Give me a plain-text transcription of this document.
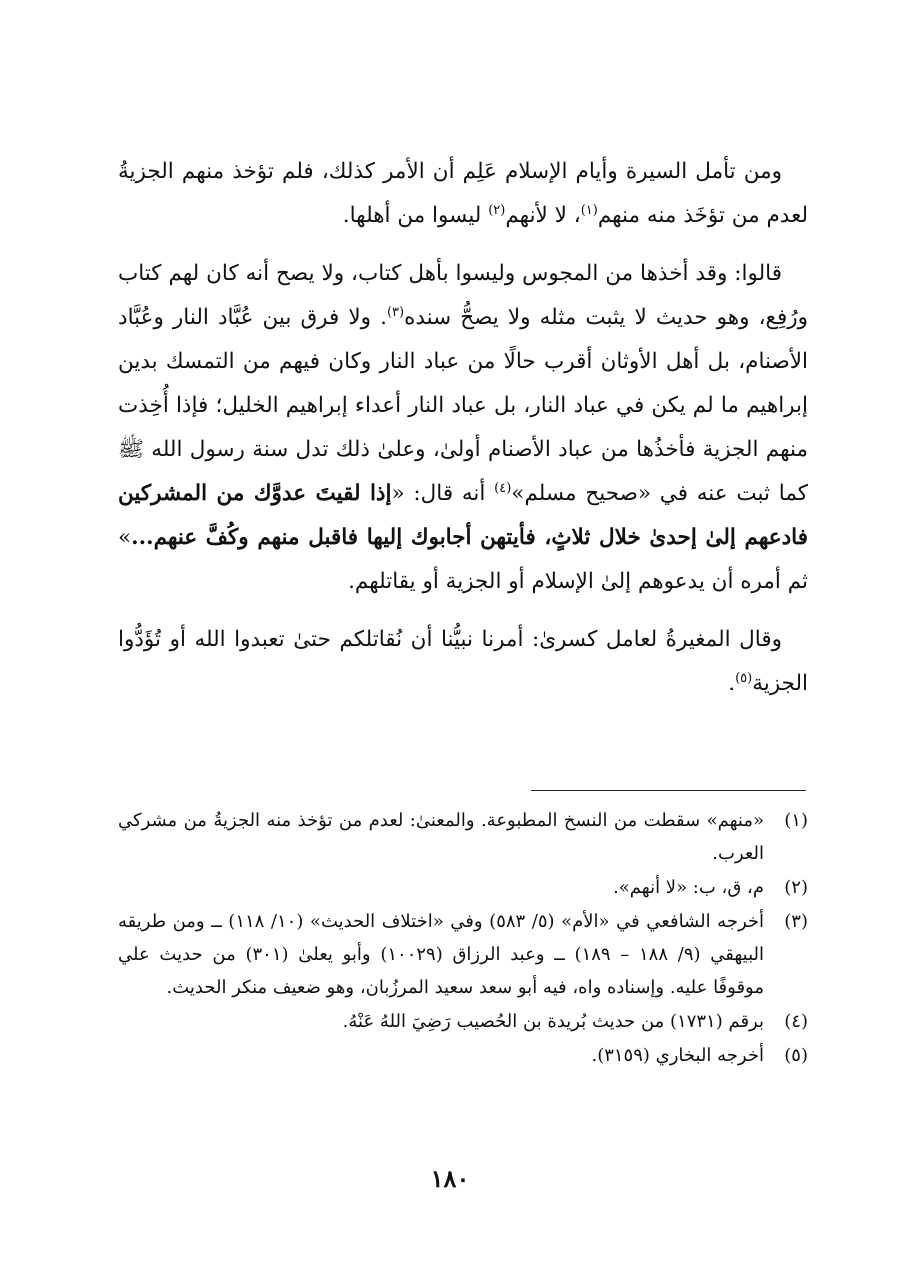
ومن تأمل السيرة وأيام الإسلام عَلِم أن الأمر كذلك، فلم تؤخذ منهم الجزيةُ لعدم من تؤخَذ منه منهم$^{(١)}$، لا لأنهم$^{(٢)}$ ليسوا من أهلها.

قالوا: وقد أخذها من المجوس وليسوا بأهل كتاب، ولا يصح أنه كان لهم كتاب ورُفِع، وهو حديث لا يثبت مثله ولا يصحُّ سنده$^{(٣)}$. ولا فرق بين عُبَّاد النار وعُبَّاد الأصنام، بل أهل الأوثان أقرب حالًا من عباد النار وكان فيهم من التمسك بدين إبراهيم ما لم يكن في عباد النار، بل عباد النار أعداء إبراهيم الخليل؛ فإذا أُخِذت منهم الجزية فأخذُها من عباد الأصنام أولىٰ، وعلىٰ ذلك تدل سنة رسول الله ﷺ كما ثبت عنه في «صحيح مسلم»$^{(٤)}$ أنه قال: «إذا لقيتَ عدوَّك من المشركين فادعهم إلىٰ إحدىٰ خلال ثلاثٍ، فأيتهن أجابوك إليها فاقبل منهم وكُفَّ عنهم...» ثم أمره أن يدعوهم إلىٰ الإسلام أو الجزية أو يقاتلهم.

وقال المغيرةُ لعامل كسرىٰ: أمرنا نبيُّنا أن نُقاتلكم حتىٰ تعبدوا الله أو تُؤَدُّوا الجزية$^{(٥)}$.

(١)
«منهم» سقطت من النسخ المطبوعة. والمعنىٰ: لعدم من تؤخذ منه الجزيةُ من مشركي العرب.
(٢)
م، ق، ب: «لا أنهم».
(٣)
أخرجه الشافعي في «الأم» (٥/ ٥٨٣) وفي «اختلاف الحديث» (١٠/ ١١٨) ــ ومن طريقه البيهقي (٩/ ١٨٨ – ١٨٩) ــ وعبد الرزاق (١٠٠٢٩) وأبو يعلىٰ (٣٠١) من حديث علي موقوفًا عليه. وإسناده واه، فيه أبو سعد سعيد المرزُبان، وهو ضعيف منكر الحديث.
(٤)
برقم (١٧٣١) من حديث بُريدة بن الحُصيب رَضِيَ اللهُ عَنْهُ.
(٥)
أخرجه البخاري (٣١٥٩).
١٨٠
